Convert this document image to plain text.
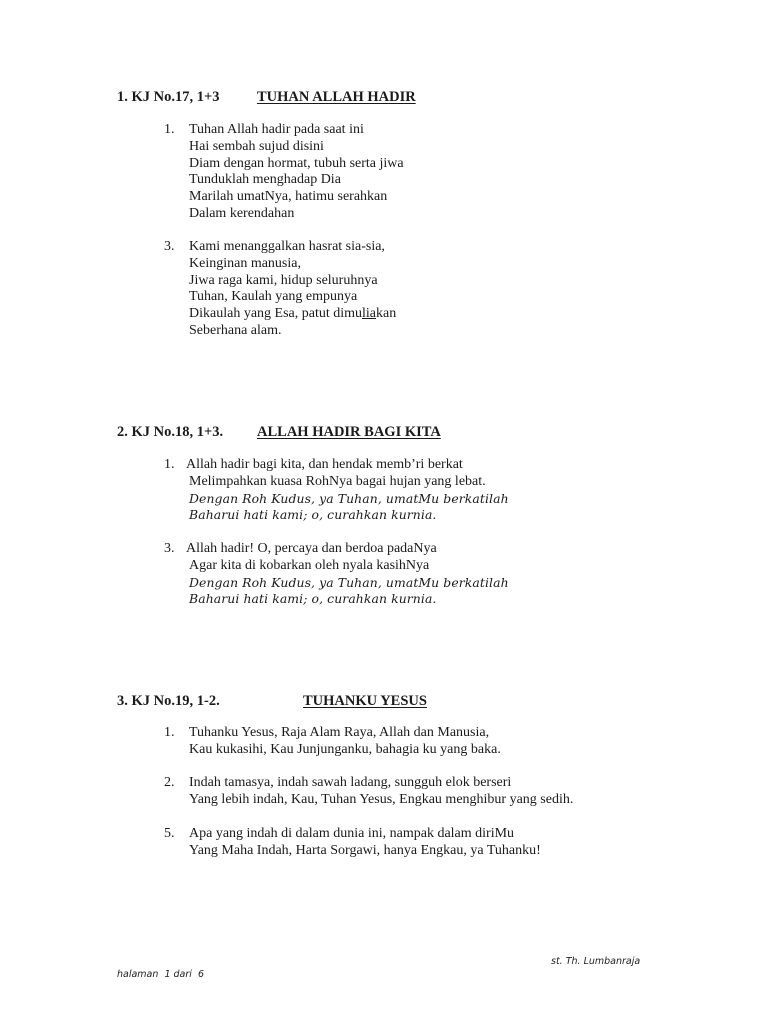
1. KJ No.17, 1+3	TUHAN ALLAH HADIR
1. Tuhan Allah hadir pada saat ini
Hai sembah sujud disini
Diam dengan hormat, tubuh serta jiwa
Tunduklah menghadap Dia
Marilah umatNya, hatimu serahkan
Dalam kerendahan
3. Kami menanggalkan hasrat sia-sia,
Keinginan manusia,
Jiwa raga kami, hidup seluruhnya
Tuhan, Kaulah yang empunya
Dikaulah yang Esa, patut dimuliakan
Seberhana alam.
2. KJ No.18, 1+3. ALLAH HADIR BAGI KITA
1. Allah hadir bagi kita, dan hendak memb’ri berkat
Melimpahkan kuasa RohNya bagai hujan yang lebat.
Dengan Roh Kudus, ya Tuhan, umatMu berkatilah
Baharui hati kami; o, curahkan kurnia.
3. Allah hadir! O, percaya dan berdoa padaNya
Agar kita di kobarkan oleh nyala kasihNya
Dengan Roh Kudus, ya Tuhan, umatMu berkatilah
Baharui hati kami; o, curahkan kurnia.
3. KJ No.19, 1-2.	TUHANKU YESUS
1. Tuhanku Yesus, Raja Alam Raya, Allah dan Manusia,
Kau kukasihi, Kau Junjunganku, bahagia ku yang baka.
2. Indah tamasya, indah sawah ladang, sungguh elok berseri
Yang lebih indah, Kau, Tuhan Yesus, Engkau menghibur yang sedih.
5. Apa yang indah di dalam dunia ini, nampak dalam diriMu
Yang Maha Indah, Harta Sorgawi, hanya Engkau, ya Tuhanku!
st. Th. Lumbanraja
halaman  1 dari  6
